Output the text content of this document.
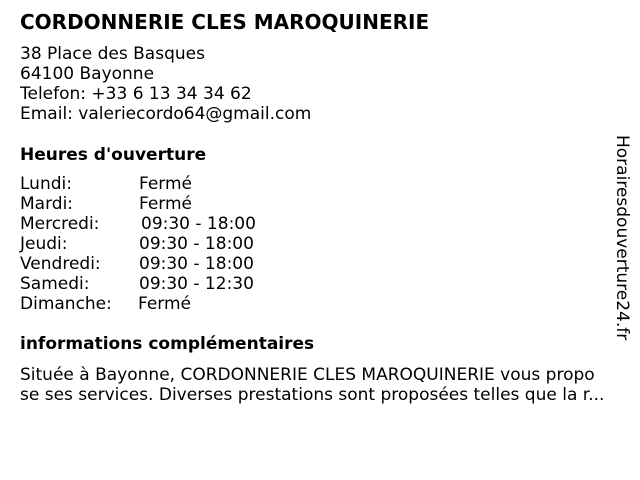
CORDONNERIE CLES MAROQUINERIE
38 Place des Basques
64100 Bayonne
Telefon: +33 6 13 34 34 62
Email: valeriecordo64@gmail.com
Heures d'ouverture
Lundi:	Fermé
Mardi:	Fermé
Mercredi: 09:30 - 18:00
Jeudi:	09:30 - 18:00
Vendredi: 09:30 - 18:00
Samedi:	09:30 - 12:30
Dimanche: Fermé
informations complémentaires
Située à Bayonne, CORDONNERIE CLES MAROQUINERIE vous propo
se ses services. Diverses prestations sont proposées telles que la r...
Horairesdouverture24.fr
